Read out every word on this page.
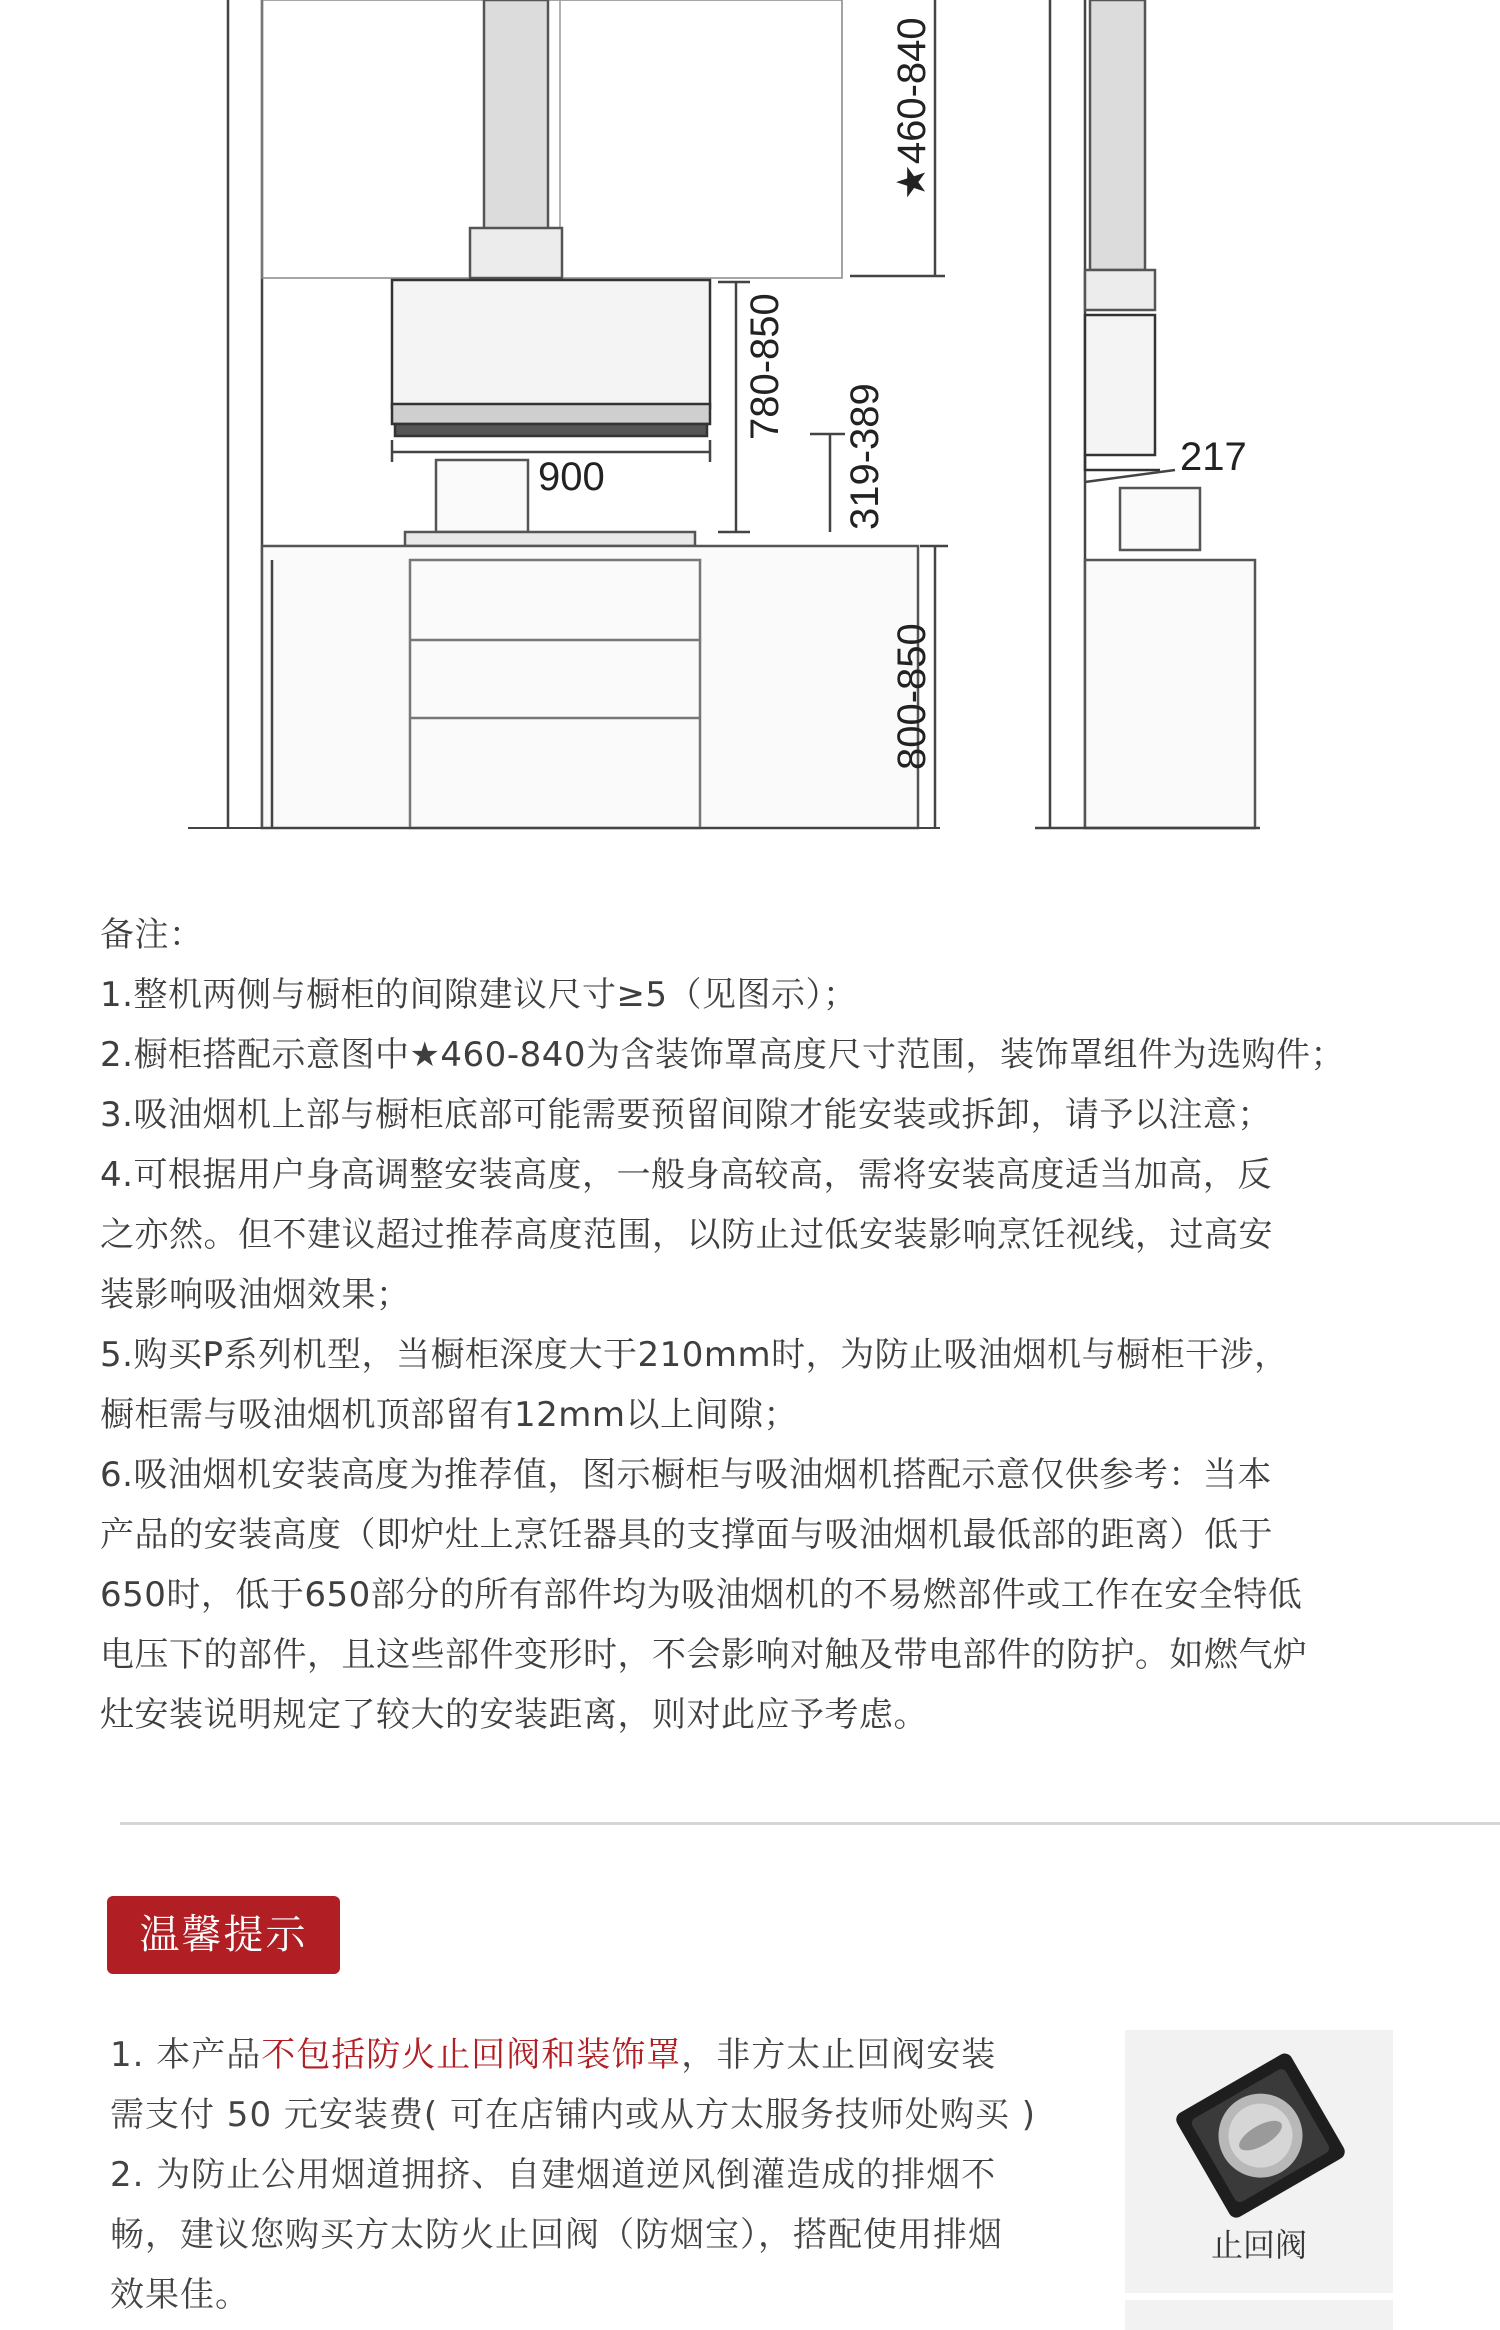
★460-840
780-850
319-389
900
800-850
217

备注：

1.整机两侧与橱柜的间隙建议尺寸≥5（见图示）；

2.橱柜搭配示意图中★460-840为含装饰罩高度尺寸范围，装饰罩组件为选购件；

3.吸油烟机上部与橱柜底部可能需要预留间隙才能安装或拆卸，请予以注意；

4.可根据用户身高调整安装高度，一般身高较高，需将安装高度适当加高，反

之亦然。但不建议超过推荐高度范围，以防止过低安装影响烹饪视线，过高安

装影响吸油烟效果；

5.购买P系列机型，当橱柜深度大于210mm时，为防止吸油烟机与橱柜干涉，

橱柜需与吸油烟机顶部留有12mm以上间隙；

6.吸油烟机安装高度为推荐值，图示橱柜与吸油烟机搭配示意仅供参考：当本

产品的安装高度（即炉灶上烹饪器具的支撑面与吸油烟机最低部的距离）低于

650时，低于650部分的所有部件均为吸油烟机的不易燃部件或工作在安全特低

电压下的部件，且这些部件变形时，不会影响对触及带电部件的防护。如燃气炉

灶安装说明规定了较大的安装距离，则对此应予考虑。

温馨提示

1. 本产品不包括防火止回阀和装饰罩，非方太止回阀安装

需支付 50 元安装费( 可在店铺内或从方太服务技师处购买 )

2. 为防止公用烟道拥挤、自建烟道逆风倒灌造成的排烟不

畅，建议您购买方太防火止回阀（防烟宝），搭配使用排烟

效果佳。

止回阀
